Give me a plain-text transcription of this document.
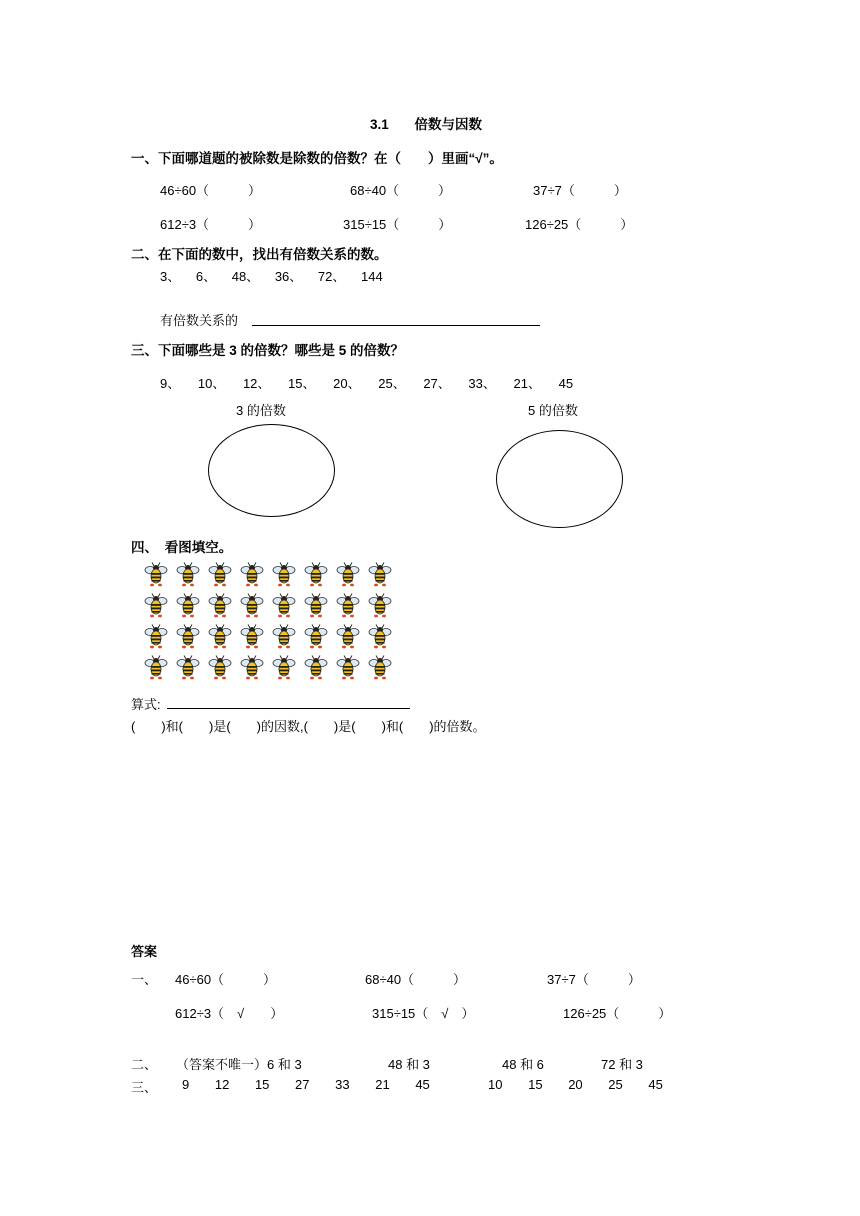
3.1 倍数与因数
一、下面哪道题的被除数是除数的倍数？在（　　）里画“√”。
46÷60（　　　）	68÷40（　　　）	37÷7（　　　）
612÷3（　　　）	315÷15（　　　）	126÷25（　　　）
二、在下面的数中，找出有倍数关系的数。
3、 6、 48、 36、 72、 144
有倍数关系的
三、下面哪些是 3 的倍数？哪些是 5 的倍数？
9、 10、 12、 15、 20、 25、 27、 33、 21、 45
3 的倍数	5 的倍数
四、　看图填空。
算式:
(　　)和(　　)是(　　)的因数,(　　)是(　　)和(　　)的倍数。
答案
一、 46÷60（　　　）	68÷40（　　　）	37÷7（　　　）
612÷3（　√　　）	315÷15（　√　）	126÷25（　　　）
二、 （答案不唯一）6 和 3	48 和 3	48 和 6	72 和 3
三、 9 12 15 27 33 21 45	10 15 20 25 45
